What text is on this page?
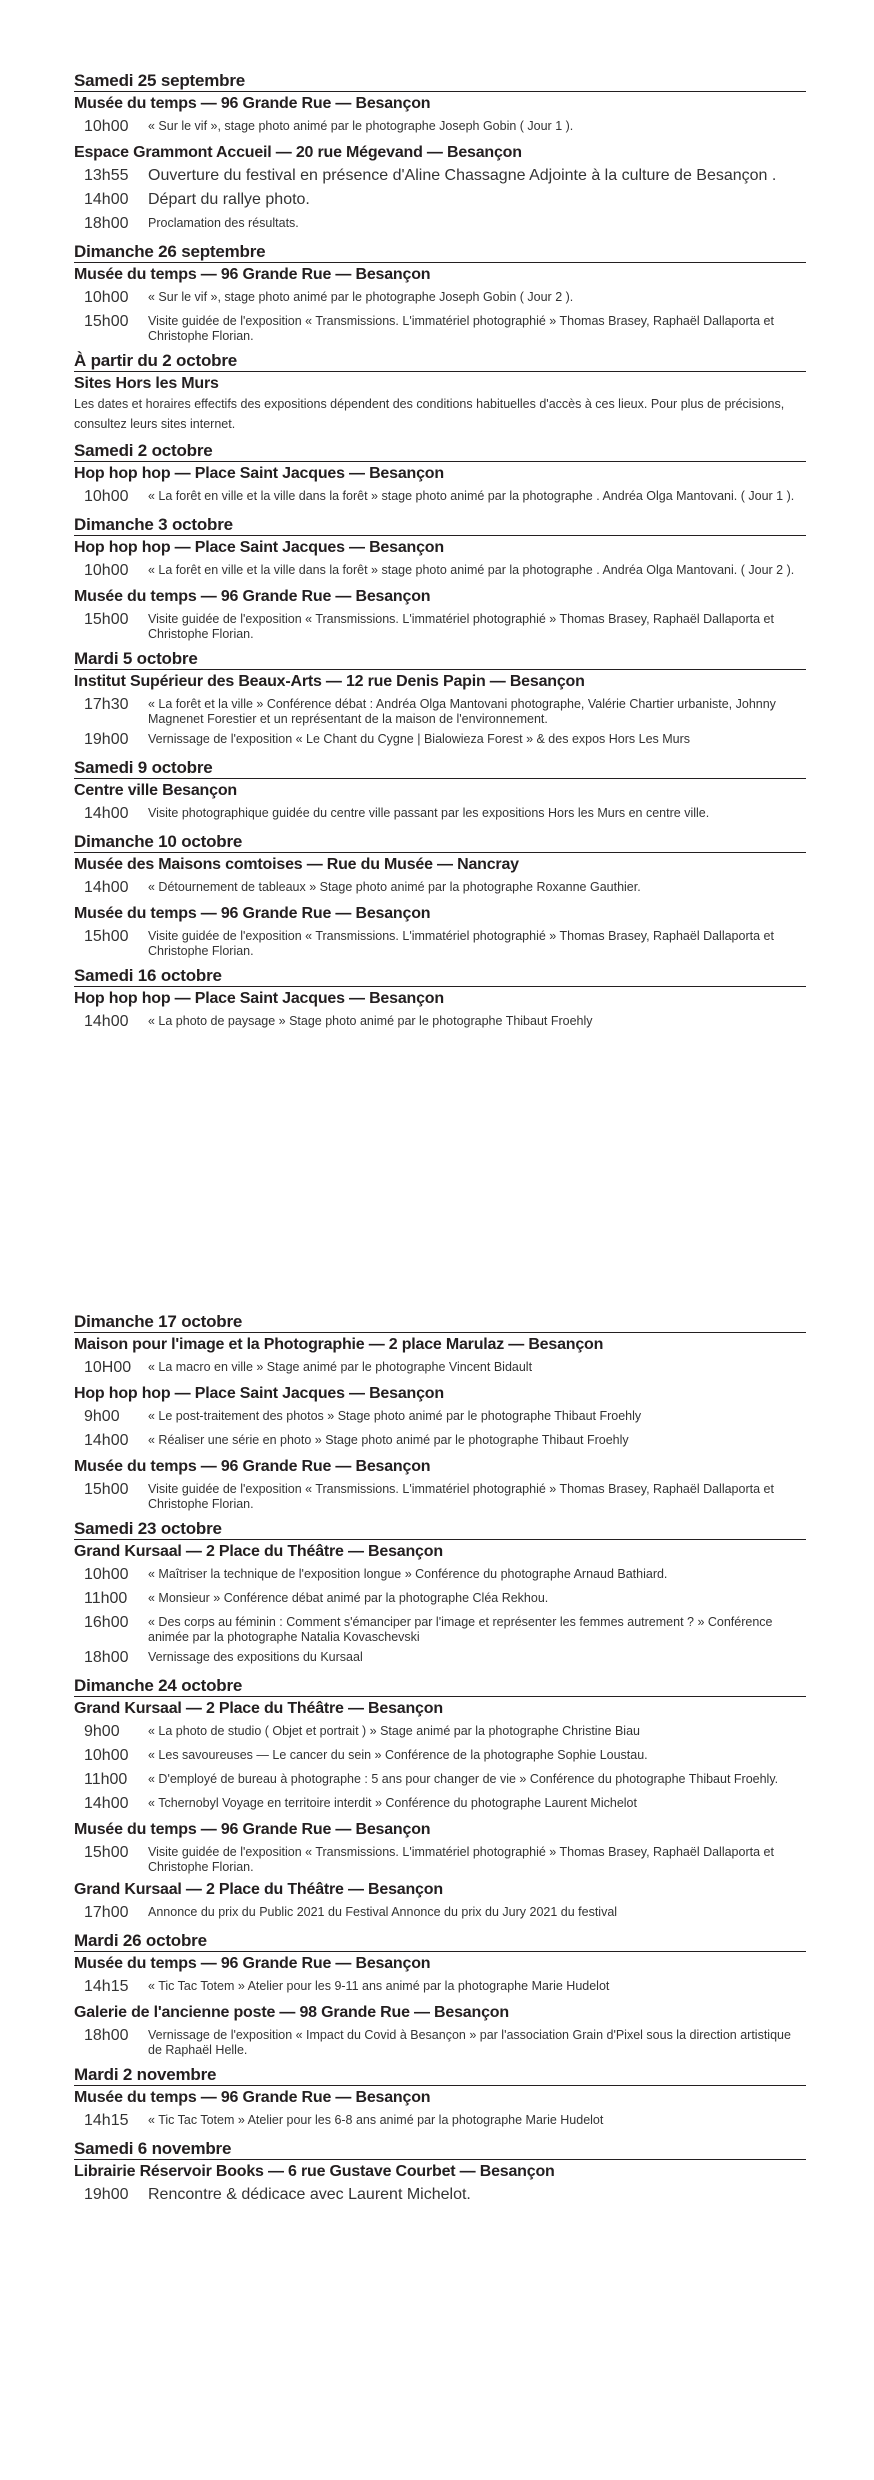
Samedi 25 septembre
Musée du temps — 96 Grande Rue — Besançon
10h00	« Sur le vif », stage photo animé par le photographe Joseph Gobin ( Jour 1 ).
Espace Grammont Accueil — 20 rue Mégevand — Besançon
13h55	Ouverture du festival en présence d'Aline Chassagne Adjointe à la culture de Besançon .
14h00	Départ du rallye photo.
18h00	Proclamation des résultats.
Dimanche 26 septembre
Musée du temps — 96 Grande Rue — Besançon
10h00	« Sur le vif », stage photo animé par le photographe Joseph Gobin ( Jour 2 ).
15h00	Visite guidée de l'exposition « Transmissions. L'immatériel photographié » Thomas Brasey, Raphaël Dallaporta et Christophe Florian.
À partir du 2 octobre
Sites Hors les Murs
Les dates et horaires effectifs des expositions dépendent des conditions habituelles d'accès à ces lieux. Pour plus de précisions, consultez leurs sites internet.
Samedi 2 octobre
Hop hop hop — Place Saint Jacques — Besançon
10h00	« La forêt en ville et la ville dans la forêt » stage photo animé par la photographe . Andréa Olga Mantovani. ( Jour 1 ).
Dimanche 3 octobre
Hop hop hop — Place Saint Jacques — Besançon
10h00	« La forêt en ville et la ville dans la forêt » stage photo animé par la photographe . Andréa Olga Mantovani. ( Jour 2 ).
Musée du temps — 96 Grande Rue — Besançon
15h00	Visite guidée de l'exposition « Transmissions. L'immatériel photographié » Thomas Brasey, Raphaël Dallaporta et Christophe Florian.
Mardi 5 octobre
Institut Supérieur des Beaux-Arts — 12 rue Denis Papin — Besançon
17h30	« La forêt et la ville » Conférence débat : Andréa Olga Mantovani photographe, Valérie Chartier urbaniste, Johnny Magnenet Forestier et un représentant de la maison de l'environnement.
19h00	Vernissage de l'exposition « Le Chant du Cygne | Bialowieza Forest » & des expos Hors Les Murs
Samedi 9 octobre
Centre ville Besançon
14h00	Visite photographique guidée du centre ville passant par les expositions Hors les Murs en centre ville.
Dimanche 10 octobre
Musée des Maisons comtoises — Rue du Musée — Nancray
14h00	« Détournement de tableaux » Stage photo animé par la photographe Roxanne Gauthier.
Musée du temps — 96 Grande Rue — Besançon
15h00	Visite guidée de l'exposition « Transmissions. L'immatériel photographié » Thomas Brasey, Raphaël Dallaporta et Christophe Florian.
Samedi 16 octobre
Hop hop hop — Place Saint Jacques — Besançon
14h00	« La photo de paysage » Stage photo animé par le photographe Thibaut Froehly
Dimanche 17 octobre
Maison pour l'image et la Photographie — 2 place Marulaz — Besançon
10H00	« La macro en ville » Stage animé par le photographe Vincent Bidault
Hop hop hop — Place Saint Jacques — Besançon
9h00	« Le post-traitement des photos » Stage photo animé par le photographe Thibaut Froehly
14h00	« Réaliser une série en photo » Stage photo animé par le photographe Thibaut Froehly
Musée du temps — 96 Grande Rue — Besançon
15h00	Visite guidée de l'exposition « Transmissions. L'immatériel photographié » Thomas Brasey, Raphaël Dallaporta et Christophe Florian.
Samedi 23 octobre
Grand Kursaal — 2 Place du Théâtre — Besançon
10h00	« Maîtriser la technique de l'exposition longue » Conférence du photographe Arnaud Bathiard.
11h00	« Monsieur » Conférence débat animé par la photographe Cléa Rekhou.
16h00	« Des corps au féminin : Comment s'émanciper par l'image et représenter les femmes autrement ? » Conférence animée par la photographe Natalia Kovaschevski
18h00	Vernissage des expositions du Kursaal
Dimanche 24 octobre
Grand Kursaal — 2 Place du Théâtre — Besançon
9h00	« La photo de studio ( Objet et portrait ) » Stage animé par la photographe Christine Biau
10h00	« Les savoureuses — Le cancer du sein » Conférence de la photographe Sophie Loustau.
11h00	« D'employé de bureau à photographe : 5 ans pour changer de vie » Conférence du photographe Thibaut Froehly.
14h00	« Tchernobyl Voyage en territoire interdit » Conférence du photographe Laurent Michelot
Musée du temps — 96 Grande Rue — Besançon
15h00	Visite guidée de l'exposition « Transmissions. L'immatériel photographié » Thomas Brasey, Raphaël Dallaporta et Christophe Florian.
Grand Kursaal — 2 Place du Théâtre — Besançon
17h00	Annonce du prix du Public 2021 du Festival Annonce du prix du Jury 2021 du festival
Mardi 26 octobre
Musée du temps — 96 Grande Rue — Besançon
14h15	« Tic Tac Totem » Atelier pour les 9-11 ans animé par la photographe Marie Hudelot
Galerie de l'ancienne poste — 98 Grande Rue — Besançon
18h00	Vernissage de l'exposition « Impact du Covid à Besançon » par l'association Grain d'Pixel sous la direction artistique de Raphaël Helle.
Mardi 2 novembre
Musée du temps — 96 Grande Rue — Besançon
14h15	« Tic Tac Totem » Atelier pour les 6-8 ans animé par la photographe Marie Hudelot
Samedi 6 novembre
Librairie Réservoir Books — 6 rue Gustave Courbet — Besançon
19h00	Rencontre & dédicace avec Laurent Michelot.
